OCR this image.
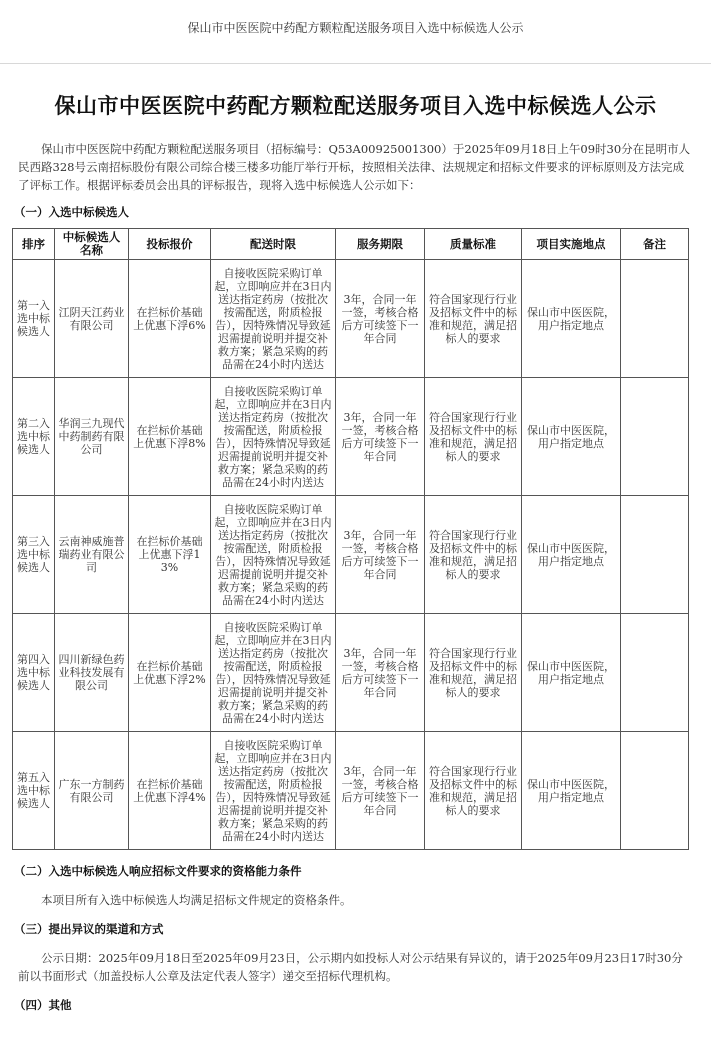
保山市中医医院中药配方颗粒配送服务项目入选中标候选人公示
保山市中医医院中药配方颗粒配送服务项目入选中标候选人公示

保山市中医医院中药配方颗粒配送服务项目（招标编号：Q53A00925001300）于2025年09月18日上午09时30分在昆明市人民西路328号云南招标股份有限公司综合楼三楼多功能厅举行开标，按照相关法律、法规规定和招标文件要求的评标原则及方法完成了评标工作。根据评标委员会出具的评标报告，现将入选中标候选人公示如下：

（一）入选中标候选人
排序	中标候选人名称	投标报价	配送时限	服务期限	质量标准	项目实施地点	备注
第一入选中标候选人	江阴天江药业有限公司	在拦标价基础上优惠下浮6%	自接收医院采购订单起，立即响应并在3日内送达指定药房（按批次按需配送，附质检报告），因特殊情况导致延迟需提前说明并提交补救方案；紧急采购的药品需在24小时内送达	3年，合同一年一签，考核合格后方可续签下一年合同	符合国家现行行业及招标文件中的标准和规范，满足招标人的要求	保山市中医医院，用户指定地点	
第二入选中标候选人	华润三九现代中药制药有限公司	在拦标价基础上优惠下浮8%	自接收医院采购订单起，立即响应并在3日内送达指定药房（按批次按需配送，附质检报告），因特殊情况导致延迟需提前说明并提交补救方案；紧急采购的药品需在24小时内送达	3年，合同一年一签，考核合格后方可续签下一年合同	符合国家现行行业及招标文件中的标准和规范，满足招标人的要求	保山市中医医院，用户指定地点	
第三入选中标候选人	云南神威施普瑞药业有限公司	在拦标价基础上优惠下浮13%	自接收医院采购订单起，立即响应并在3日内送达指定药房（按批次按需配送，附质检报告），因特殊情况导致延迟需提前说明并提交补救方案；紧急采购的药品需在24小时内送达	3年，合同一年一签，考核合格后方可续签下一年合同	符合国家现行行业及招标文件中的标准和规范，满足招标人的要求	保山市中医医院，用户指定地点	
第四入选中标候选人	四川新绿色药业科技发展有限公司	在拦标价基础上优惠下浮2%	自接收医院采购订单起，立即响应并在3日内送达指定药房（按批次按需配送，附质检报告），因特殊情况导致延迟需提前说明并提交补救方案；紧急采购的药品需在24小时内送达	3年，合同一年一签，考核合格后方可续签下一年合同	符合国家现行行业及招标文件中的标准和规范，满足招标人的要求	保山市中医医院，用户指定地点	
第五入选中标候选人	广东一方制药有限公司	在拦标价基础上优惠下浮4%	自接收医院采购订单起，立即响应并在3日内送达指定药房（按批次按需配送，附质检报告），因特殊情况导致延迟需提前说明并提交补救方案；紧急采购的药品需在24小时内送达	3年，合同一年一签，考核合格后方可续签下一年合同	符合国家现行行业及招标文件中的标准和规范，满足招标人的要求	保山市中医医院，用户指定地点	
（二）入选中标候选人响应招标文件要求的资格能力条件

本项目所有入选中标候选人均满足招标文件规定的资格条件。

（三）提出异议的渠道和方式

公示日期：2025年09月18日至2025年09月23日，公示期内如投标人对公示结果有异议的，请于2025年09月23日17时30分前以书面形式（加盖投标人公章及法定代表人签字）递交至招标代理机构。

（四）其他
